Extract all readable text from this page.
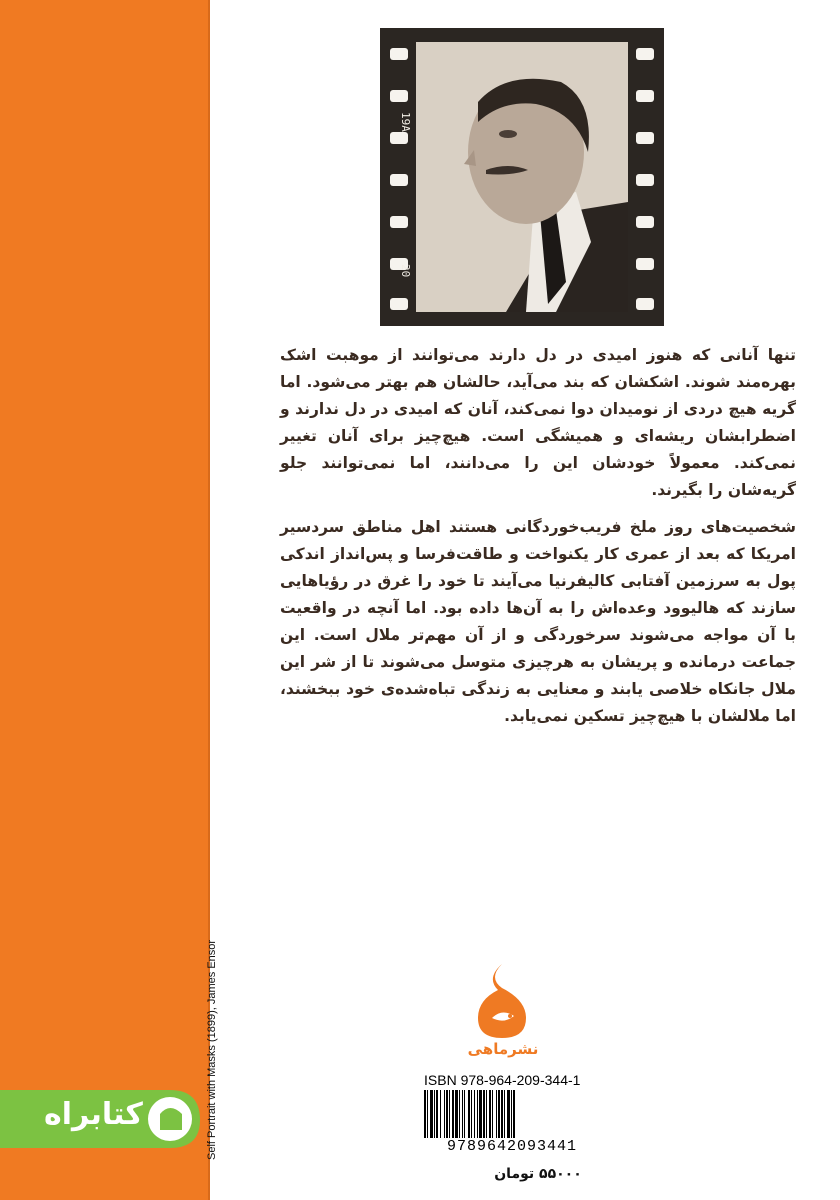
19A
20
تنها آنانی که هنوز امیدی در دل دارند می‌توانند از موهبت اشک بهره‌مند شوند. اشکشان که بند می‌آید، حالشان هم بهتر می‌شود. اما گریه هیچ دردی از نومیدان دوا نمی‌کند، آنان که امیدی در دل ندارند و اضطرابشان ریشه‌ای و همیشگی است. هیچ‌چیز برای آنان تغییر نمی‌کند. معمولاً خودشان این را می‌دانند، اما نمی‌توانند جلو گریه‌شان را بگیرند.
شخصیت‌های روز ملخ فریب‌خوردگانی هستند اهل مناطق سردسیر امریکا که بعد از عمری کار یکنواخت و طاقت‌فرسا و پس‌انداز اندکی پول به سرزمین آفتابی کالیفرنیا می‌آیند تا خود را غرق در رؤیاهایی سازند که هالیوود وعده‌اش را به آن‌ها داده بود. اما آنچه در واقعیت با آن مواجه می‌شوند سرخوردگی و از آن مهم‌تر ملال است. این جماعت درمانده و پریشان به هرچیزی متوسل می‌شوند تا از شر این ملال جانکاه خلاصی یابند و معنایی به زندگی تباه‌شده‌ی خود ببخشند، اما ملالشان با هیچ‌چیز تسکین نمی‌یابد.
نشرماهی
ISBN 978-964-209-344-1
9789642093441
۵۵۰۰۰ تومان
Self Portrait with Masks (1899), James Ensor
کتابراه
